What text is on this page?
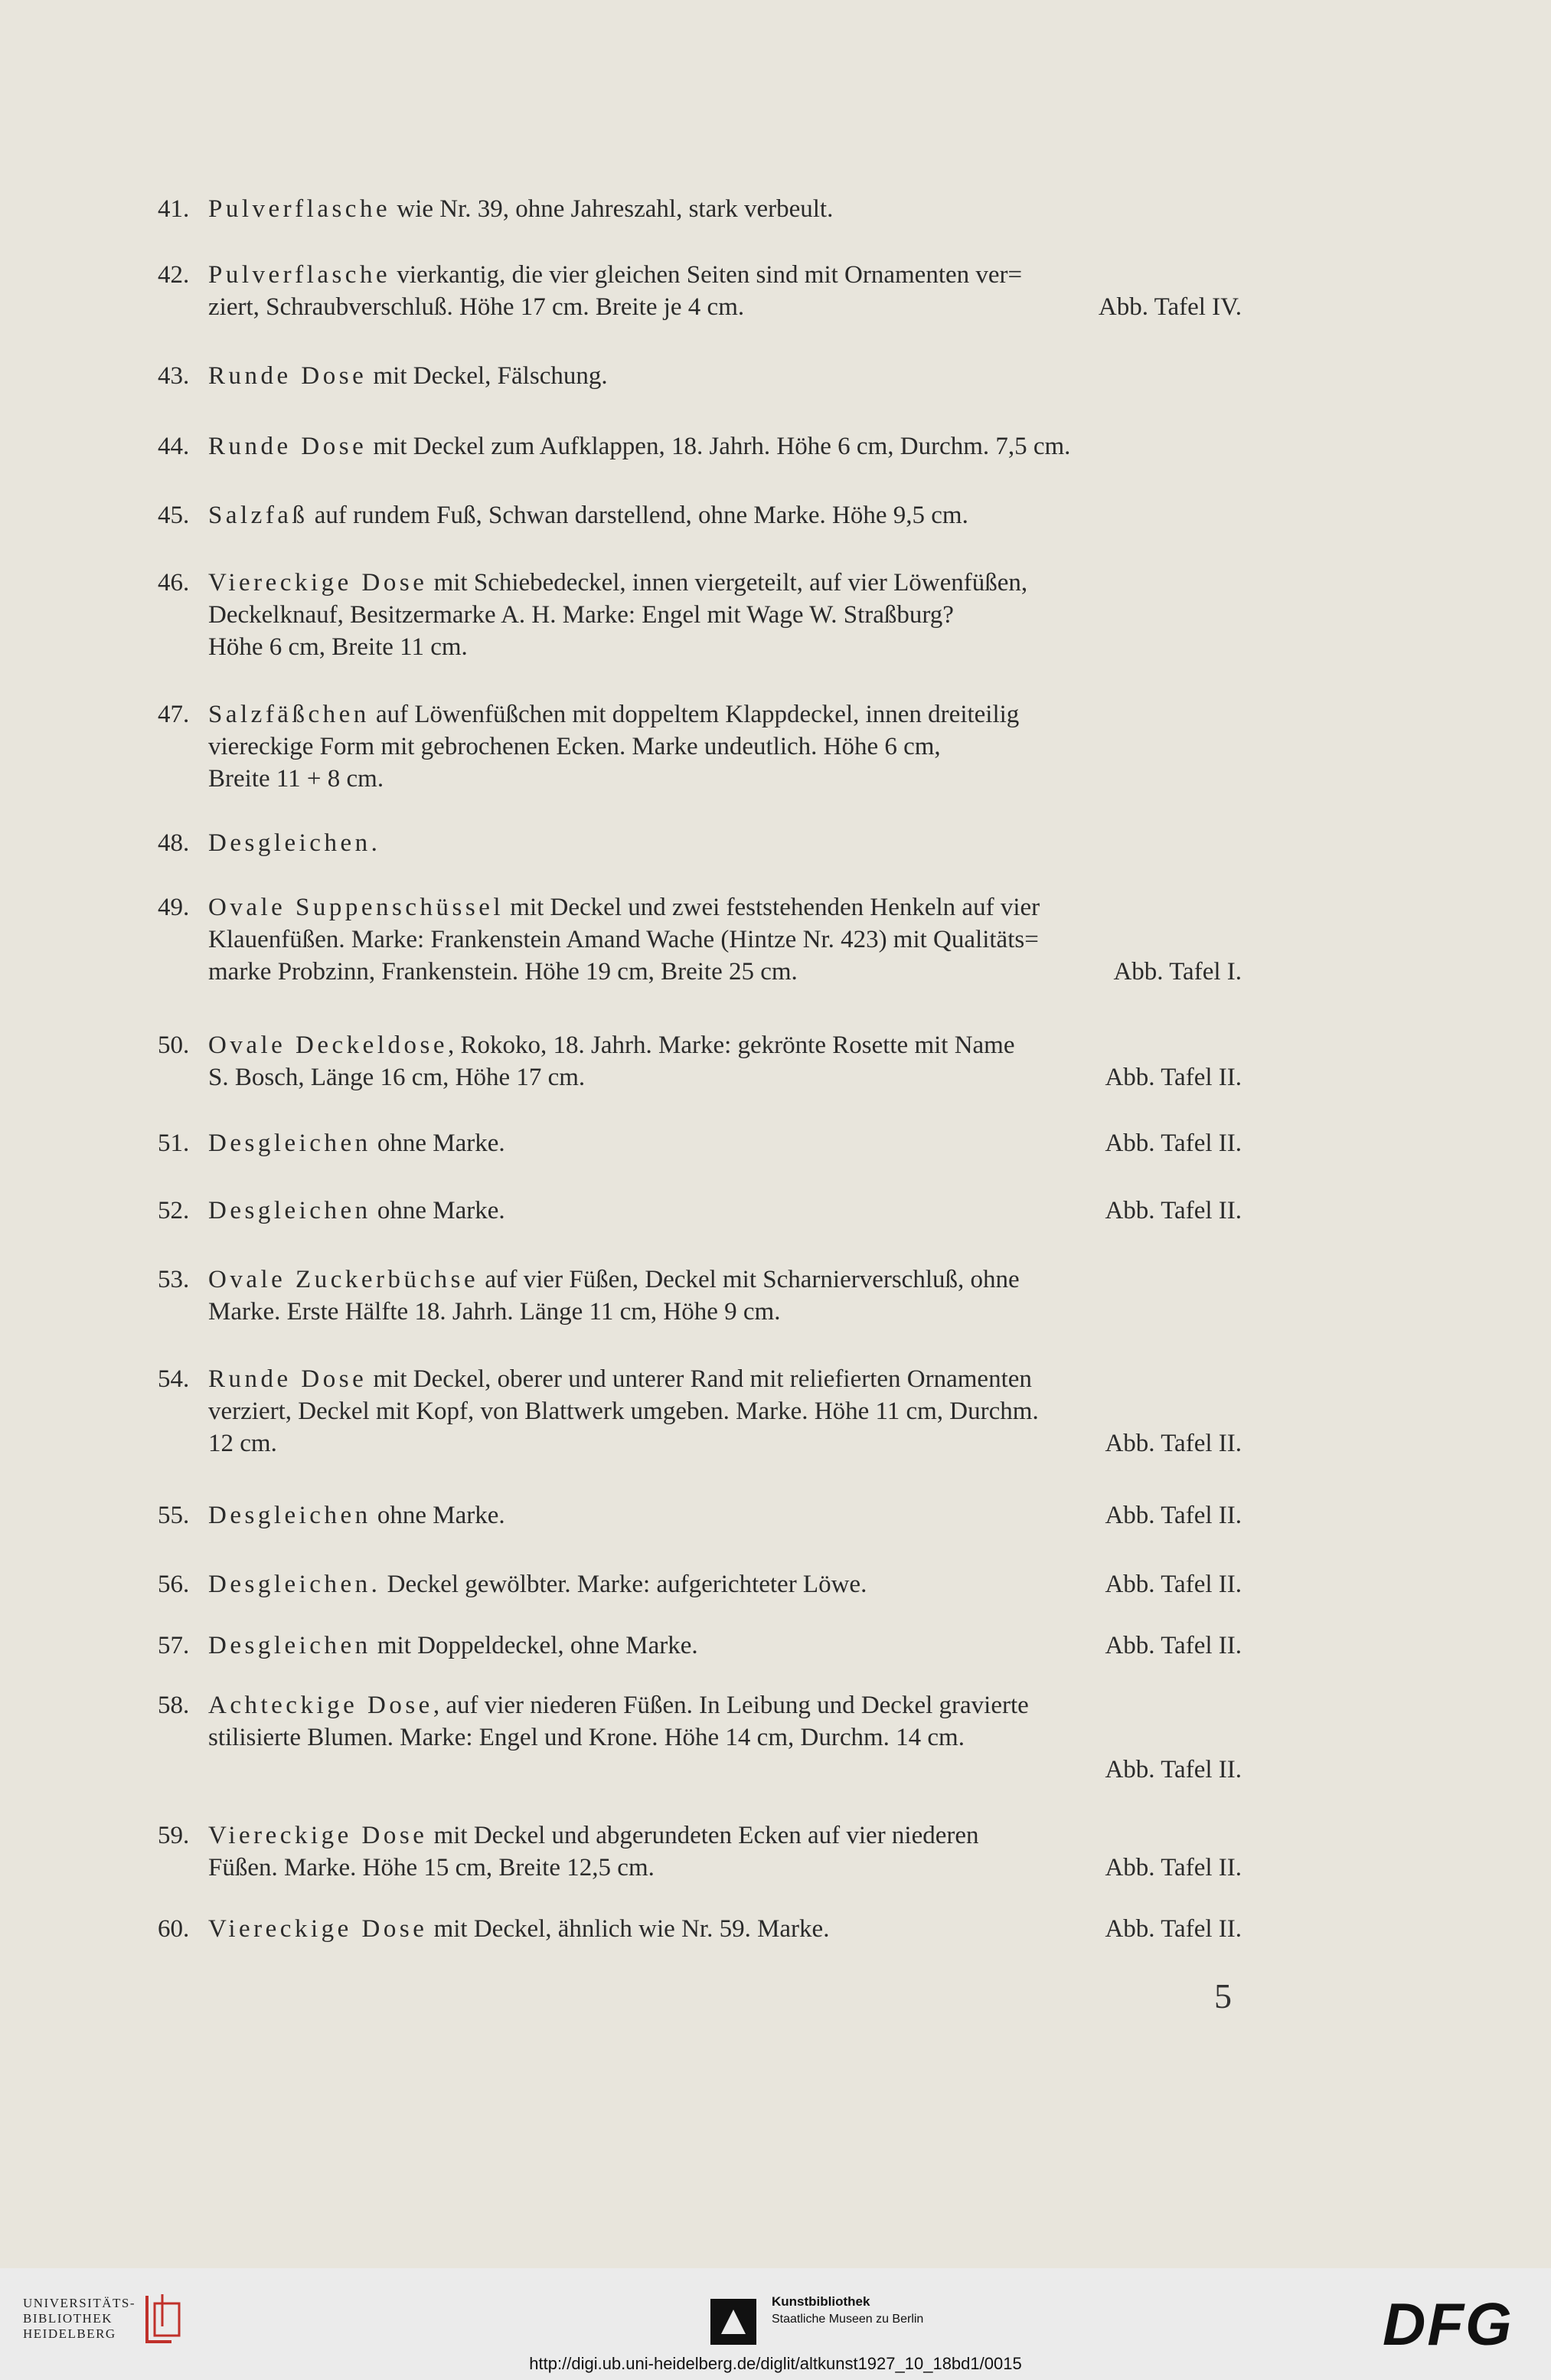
41. Pulverflasche wie Nr. 39, ohne Jahreszahl, stark verbeult.
42. Pulverflasche vierkantig, die vier gleichen Seiten sind mit Ornamenten ver=
ziert, Schraubverschluß. Höhe 17 cm. Breite je 4 cm.	Abb. Tafel IV.
43. Runde Dose mit Deckel, Fälschung.
44. Runde Dose mit Deckel zum Aufklappen, 18. Jahrh. Höhe 6 cm, Durchm. 7,5 cm.
45. Salzfaß auf rundem Fuß, Schwan darstellend, ohne Marke. Höhe 9,5 cm.
46. Viereckige Dose mit Schiebedeckel, innen viergeteilt, auf vier Löwenfüßen,
Deckelknauf, Besitzermarke A. H. Marke: Engel mit Wage W. Straßburg?
Höhe 6 cm, Breite 11 cm.
47. Salzfäßchen auf Löwenfüßchen mit doppeltem Klappdeckel, innen dreiteilig
viereckige Form mit gebrochenen Ecken. Marke undeutlich. Höhe 6 cm,
Breite 11 + 8 cm.
48. Desgleichen.
49. Ovale Suppenschüssel mit Deckel und zwei feststehenden Henkeln auf vier
Klauenfüßen. Marke: Frankenstein Amand Wache (Hintze Nr. 423) mit Qualitäts=
marke Probzinn, Frankenstein. Höhe 19 cm, Breite 25 cm.	Abb. Tafel I.
50. Ovale Deckeldose, Rokoko, 18. Jahrh. Marke: gekrönte Rosette mit Name
S. Bosch, Länge 16 cm, Höhe 17 cm.	Abb. Tafel II.
51. Desgleichen ohne Marke.	Abb. Tafel II.
52. Desgleichen ohne Marke.	Abb. Tafel II.
53. Ovale Zuckerbüchse auf vier Füßen, Deckel mit Scharnierverschluß, ohne
Marke. Erste Hälfte 18. Jahrh. Länge 11 cm, Höhe 9 cm.
54. Runde Dose mit Deckel, oberer und unterer Rand mit reliefierten Ornamenten
verziert, Deckel mit Kopf, von Blattwerk umgeben. Marke. Höhe 11 cm, Durchm.
12 cm.	Abb. Tafel II.
55. Desgleichen ohne Marke.	Abb. Tafel II.
56. Desgleichen. Deckel gewölbter. Marke: aufgerichteter Löwe.	Abb. Tafel II.
57. Desgleichen mit Doppeldeckel, ohne Marke.	Abb. Tafel II.
58. Achteckige Dose, auf vier niederen Füßen. In Leibung und Deckel gravierte
stilisierte Blumen. Marke: Engel und Krone. Höhe 14 cm, Durchm. 14 cm.
Abb. Tafel II.
59. Viereckige Dose mit Deckel und abgerundeten Ecken auf vier niederen
Füßen. Marke. Höhe 15 cm, Breite 12,5 cm.	Abb. Tafel II.
60. Viereckige Dose mit Deckel, ähnlich wie Nr. 59. Marke.	Abb. Tafel II.
5
UNIVERSITÄTS-
BIBLIOTHEK
HEIDELBERG
Kunstbibliothek
Staatliche Museen zu Berlin	DFG
http://digi.ub.uni-heidelberg.de/diglit/altkunst1927_10_18bd1/0015
